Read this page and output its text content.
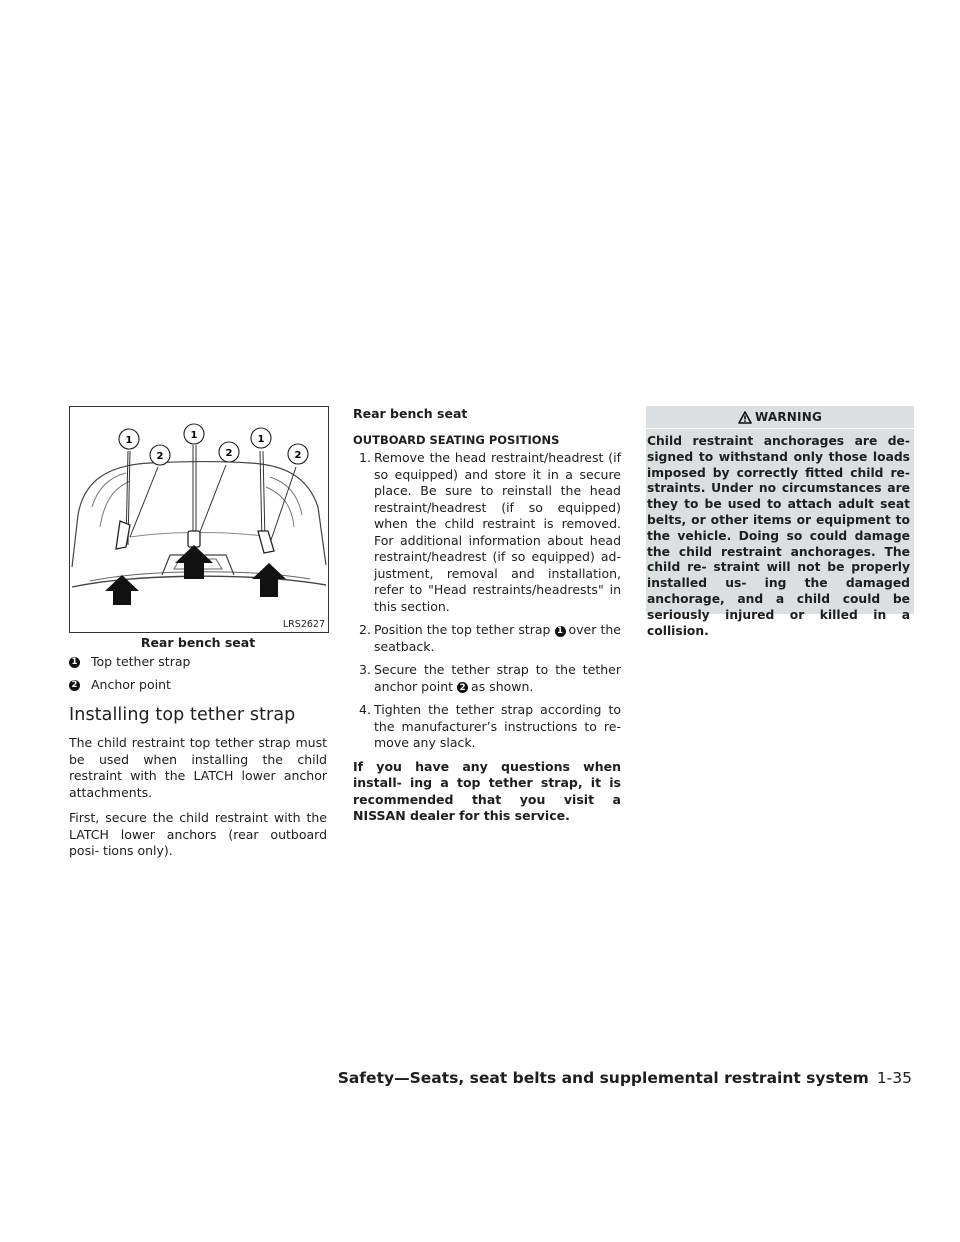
1
2
1
2
1
2
LRS2627
Rear bench seat
1 Top tether strap
2 Anchor point
Installing top tether strap

The child restraint top tether strap must be used when installing the child restraint with the LATCH lower anchor attachments.

First, secure the child restraint with the LATCH lower anchors (rear outboard posi- tions only).

Rear bench seat
OUTBOARD SEATING POSITIONS
1. Remove the head restraint/headrest (if so equipped) and store it in a secure place. Be sure to reinstall the head restraint/headrest (if so equipped) when the child restraint is removed. For additional information about head restraint/headrest (if so equipped) ad- justment, removal and installation, refer to "Head restraints/headrests" in this section.
2. Position the top tether strap 1 over the seatback.
3. Secure the tether strap to the tether anchor point 2 as shown.
4. Tighten the tether strap according to the manufacturer’s instructions to re- move any slack.

If you have any questions when install- ing a top tether strap, it is recommended that you visit a NISSAN dealer for this service.

WARNING
Child restraint anchorages are de- signed to withstand only those loads imposed by correctly fitted child re- straints. Under no circumstances are they to be used to attach adult seat belts, or other items or equipment to the vehicle. Doing so could damage the child restraint anchorages. The child re- straint will not be properly installed us- ing the damaged anchorage, and a child could be seriously injured or killed in a collision.
Safety—Seats, seat belts and supplemental restraint system 1-35
